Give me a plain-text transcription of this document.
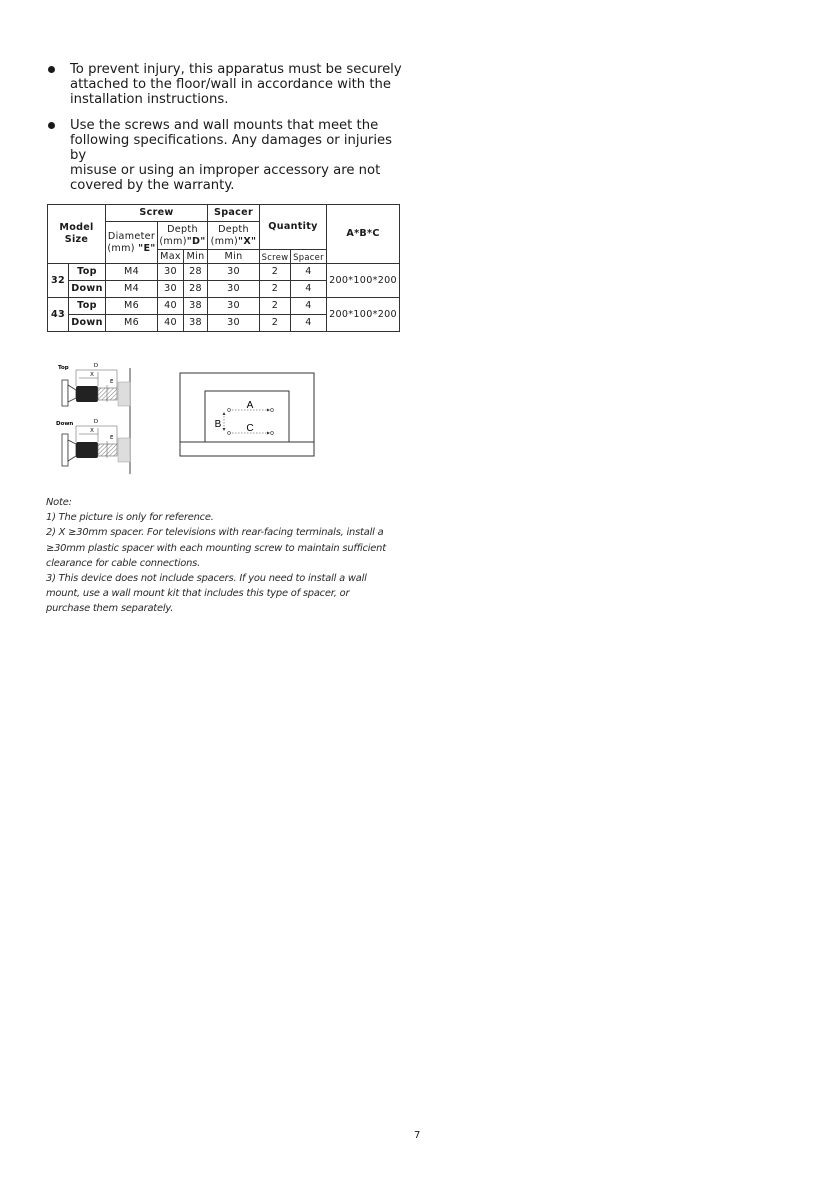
To prevent injury, this apparatus must be securely
attached to the floor/wall in accordance with the
installation instructions.
Use the screws and wall mounts that meet the
following specifications. Any damages or injuries by
misuse or using an improper accessory are not
covered by the warranty.
Model Size		Screw			Spacer	Quantity		A*B*C
		Diameter (mm) "E"	Depth (mm)"D"		Depth (mm)"X"			
			Max	Min	Min	Screw	Spacer	
32	Top	M4	30	28	30	2	4	200*100*200
	Down	M4	30	28	30	2	4	
43	Top	M6	40	38	30	2	4	200*100*200
	Down	M6	40	38	30	2	4	
Top	D
X
E
Down	D
X
E
A
B	C
Note:
1) The picture is only for reference.
2) X ≥30mm spacer. For televisions with rear-facing terminals, install a
≥30mm plastic spacer with each mounting screw to maintain sufficient
clearance for cable connections.
3) This device does not include spacers. If you need to install a wall
mount, use a wall mount kit that includes this type of spacer, or
purchase them separately.
7
